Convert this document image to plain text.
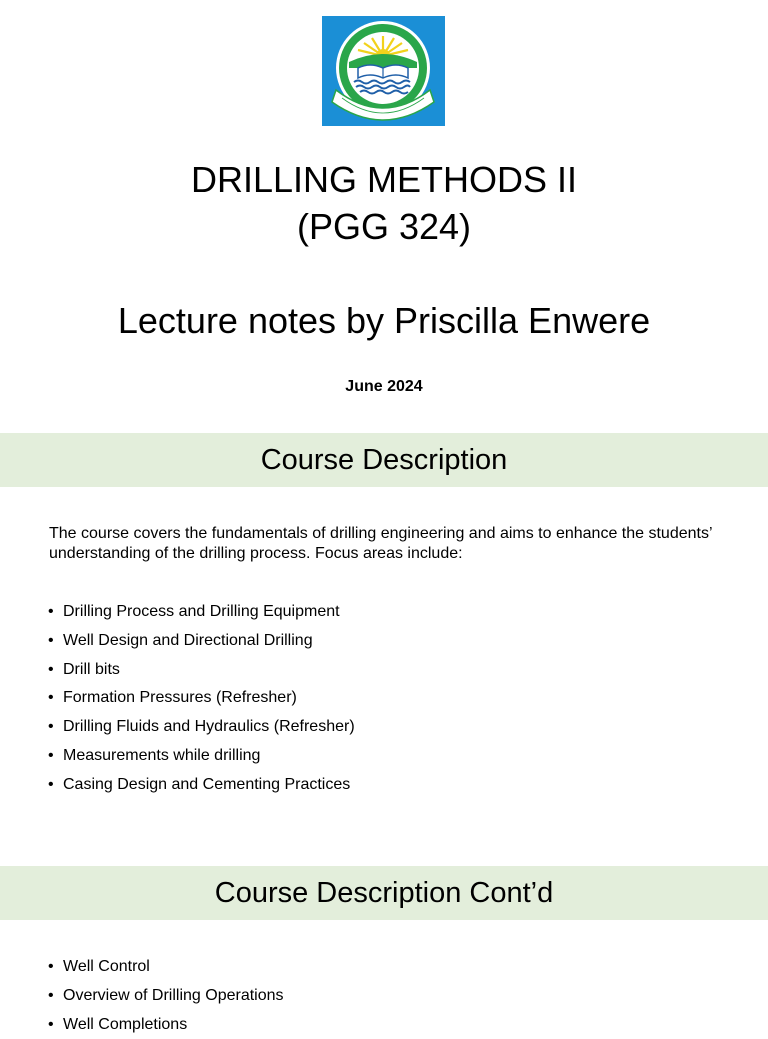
DRILLING METHODS II
(PGG 324)
Lecture notes by Priscilla Enwere
June 2024
Course Description
The course covers the fundamentals of drilling engineering and aims to enhance the students’ understanding of the drilling process. Focus areas include:
• Drilling Process and Drilling Equipment
• Well Design and Directional Drilling
• Drill bits
• Formation Pressures (Refresher)
• Drilling Fluids and Hydraulics (Refresher)
• Measurements while drilling
• Casing Design and Cementing Practices
Course Description Cont’d
• Well Control
• Overview of Drilling Operations
• Well Completions
